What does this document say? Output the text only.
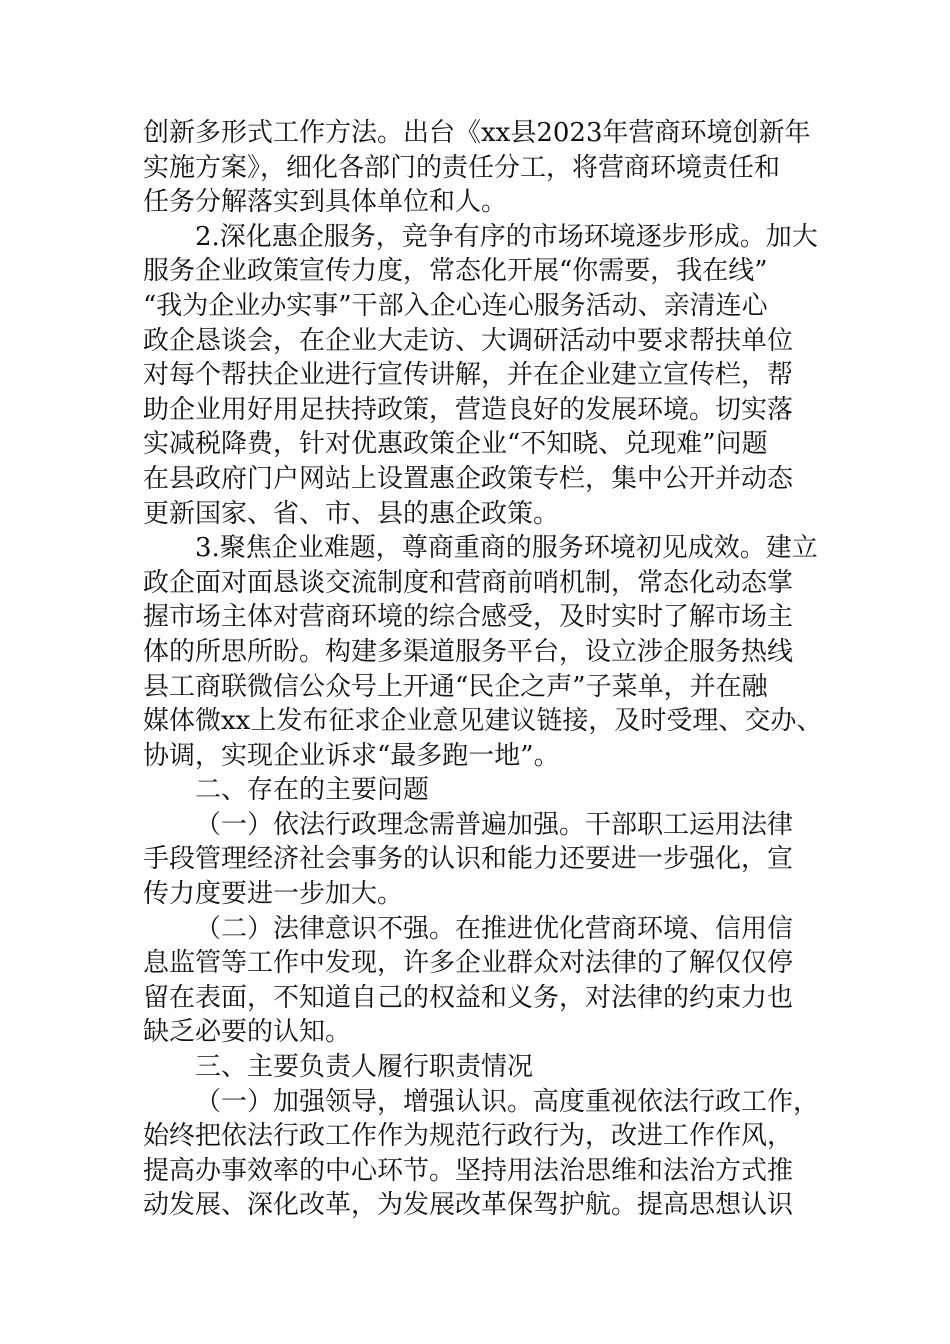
创新多形式工作方法。出台《xx县2023年营商环境创新年
实施方案》，细化各部门的责任分工，将营商环境责任和
任务分解落实到具体单位和人。
2.深化惠企服务，竞争有序的市场环境逐步形成。加大
服务企业政策宣传力度，常态化开展“你需要，我在线”
“我为企业办实事”干部入企心连心服务活动、亲清连心
政企恳谈会，在企业大走访、大调研活动中要求帮扶单位
对每个帮扶企业进行宣传讲解，并在企业建立宣传栏，帮
助企业用好用足扶持政策，营造良好的发展环境。切实落
实减税降费，针对优惠政策企业“不知晓、兑现难”问题
在县政府门户网站上设置惠企政策专栏，集中公开并动态
更新国家、省、市、县的惠企政策。
3.聚焦企业难题，尊商重商的服务环境初见成效。建立
政企面对面恳谈交流制度和营商前哨机制，常态化动态掌
握市场主体对营商环境的综合感受，及时实时了解市场主
体的所思所盼。构建多渠道服务平台，设立涉企服务热线
县工商联微信公众号上开通“民企之声”子菜单，并在融
媒体微xx上发布征求企业意见建议链接，及时受理、交办、
协调，实现企业诉求“最多跑一地”。
二、存在的主要问题
（一）依法行政理念需普遍加强。干部职工运用法律
手段管理经济社会事务的认识和能力还要进一步强化，宣
传力度要进一步加大。
（二）法律意识不强。在推进优化营商环境、信用信
息监管等工作中发现，许多企业群众对法律的了解仅仅停
留在表面，不知道自己的权益和义务，对法律的约束力也
缺乏必要的认知。
三、主要负责人履行职责情况
（一）加强领导，增强认识。高度重视依法行政工作，
始终把依法行政工作作为规范行政行为，改进工作作风，
提高办事效率的中心环节。坚持用法治思维和法治方式推
动发展、深化改革，为发展改革保驾护航。提高思想认识
